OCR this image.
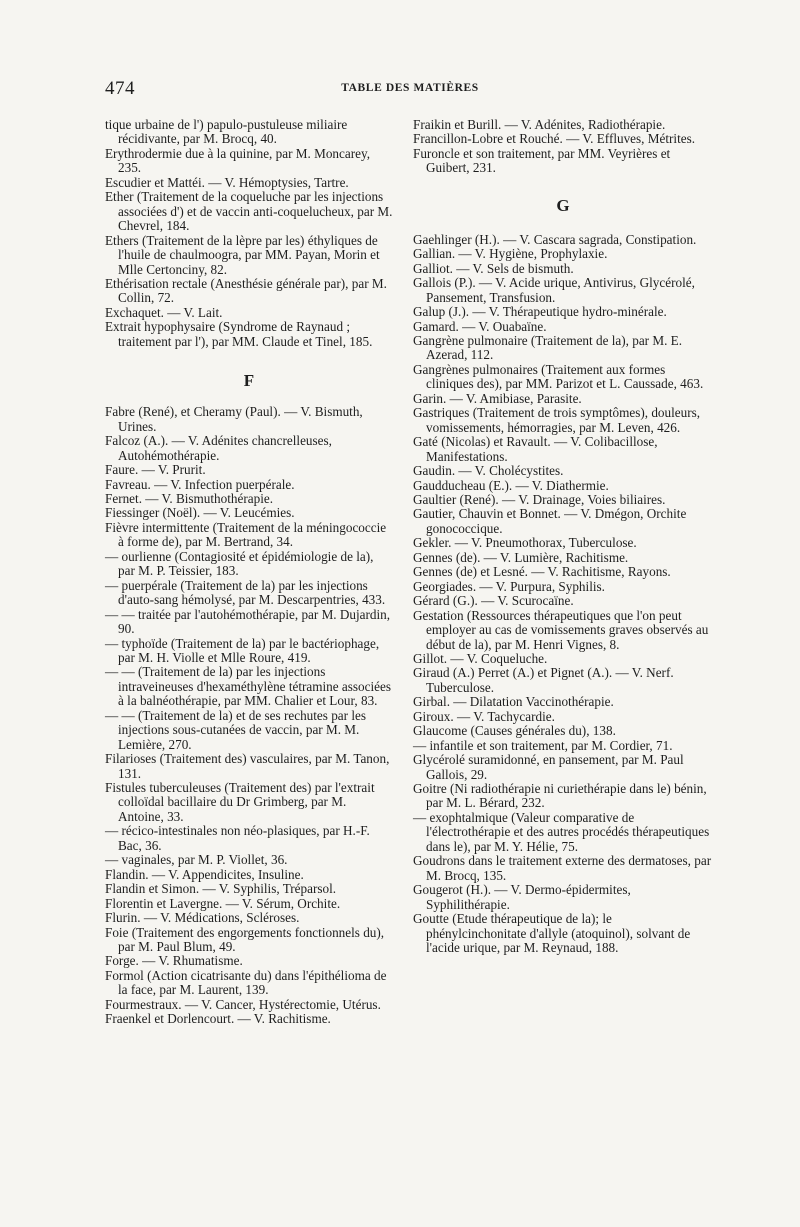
474	TABLE DES MATIÈRES

tique urbaine de l') papulo-pustuleuse miliaire récidivante, par M. Brocq, 40.

Erythrodermie due à la quinine, par M. Moncarey, 235.

Escudier et Mattéi. — V. Hémoptysies, Tartre.

Ether (Traitement de la coqueluche par les injections associées d') et de vaccin anti-coquelucheux, par M. Chevrel, 184.

Ethers (Traitement de la lèpre par les) éthyliques de l'huile de chaulmoogra, par MM. Payan, Morin et Mlle Certonciny, 82.

Ethérisation rectale (Anesthésie générale par), par M. Collin, 72.

Exchaquet. — V. Lait.

Extrait hypophysaire (Syndrome de Raynaud ; traitement par l'), par MM. Claude et Tinel, 185.

F

Fabre (René), et Cheramy (Paul). — V. Bismuth, Urines.

Falcoz (A.). — V. Adénites chancrelleuses, Autohémothérapie.

Faure. — V. Prurit.

Favreau. — V. Infection puerpérale.

Fernet. — V. Bismuthothérapie.

Fiessinger (Noël). — V. Leucémies.

Fièvre intermittente (Traitement de la méningococcie à forme de), par M. Bertrand, 34.

— ourlienne (Contagiosité et épidémiologie de la), par M. P. Teissier, 183.

— puerpérale (Traitement de la) par les injections d'auto-sang hémolysé, par M. Descarpentries, 433.

— — traitée par l'autohémothérapie, par M. Dujardin, 90.

— typhoïde (Traitement de la) par le bactériophage, par M. H. Violle et Mlle Roure, 419.

— — (Traitement de la) par les injections intraveineuses d'hexaméthylène tétramine associées à la balnéothérapie, par MM. Chalier et Lour, 83.

— — (Traitement de la) et de ses rechutes par les injections sous-cutanées de vaccin, par M. M. Lemière, 270.

Filarioses (Traitement des) vasculaires, par M. Tanon, 131.

Fistules tuberculeuses (Traitement des) par l'extrait colloïdal bacillaire du Dr Grimberg, par M. Antoine, 33.

— récico-intestinales non néo-plasiques, par H.-F. Bac, 36.

— vaginales, par M. P. Viollet, 36.

Flandin. — V. Appendicites, Insuline.

Flandin et Simon. — V. Syphilis, Tréparsol.

Florentin et Lavergne. — V. Sérum, Orchite.

Flurin. — V. Médications, Scléroses.

Foie (Traitement des engorgements fonctionnels du), par M. Paul Blum, 49.

Forge. — V. Rhumatisme.

Formol (Action cicatrisante du) dans l'épithélioma de la face, par M. Laurent, 139.

Fourmestraux. — V. Cancer, Hystérectomie, Utérus.

Fraenkel et Dorlencourt. — V. Rachitisme.

Fraikin et Burill. — V. Adénites, Radiothérapie.

Francillon-Lobre et Rouché. — V. Effluves, Métrites.

Furoncle et son traitement, par MM. Veyrières et Guibert, 231.

G

Gaehlinger (H.). — V. Cascara sagrada, Constipation.

Gallian. — V. Hygiène, Prophylaxie.

Galliot. — V. Sels de bismuth.

Gallois (P.). — V. Acide urique, Antivirus, Glycérolé, Pansement, Transfusion.

Galup (J.). — V. Thérapeutique hydro-minérale.

Gamard. — V. Ouabaïne.

Gangrène pulmonaire (Traitement de la), par M. E. Azerad, 112.

Gangrènes pulmonaires (Traitement aux formes cliniques des), par MM. Parizot et L. Caussade, 463.

Garin. — V. Amibiase, Parasite.

Gastriques (Traitement de trois symptômes), douleurs, vomissements, hémorragies, par M. Leven, 426.

Gaté (Nicolas) et Ravault. — V. Colibacillose, Manifestations.

Gaudin. — V. Cholécystites.

Gaudducheau (E.). — V. Diathermie.

Gaultier (René). — V. Drainage, Voies biliaires.

Gautier, Chauvin et Bonnet. — V. Dmégon, Orchite gonococcique.

Gekler. — V. Pneumothorax, Tuberculose.

Gennes (de). — V. Lumière, Rachitisme.

Gennes (de) et Lesné. — V. Rachitisme, Rayons.

Georgiades. — V. Purpura, Syphilis.

Gérard (G.). — V. Scurocaïne.

Gestation (Ressources thérapeutiques que l'on peut employer au cas de vomissements graves observés au début de la), par M. Henri Vignes, 8.

Gillot. — V. Coqueluche.

Giraud (A.) Perret (A.) et Pignet (A.). — V. Nerf. Tuberculose.

Girbal. — Dilatation Vaccinothérapie.

Giroux. — V. Tachycardie.

Glaucome (Causes générales du), 138.

— infantile et son traitement, par M. Cordier, 71.

Glycérolé suramidonné, en pansement, par M. Paul Gallois, 29.

Goitre (Ni radiothérapie ni curiethérapie dans le) bénin, par M. L. Bérard, 232.

— exophtalmique (Valeur comparative de l'électrothérapie et des autres procédés thérapeutiques dans le), par M. Y. Hélie, 75.

Goudrons dans le traitement externe des dermatoses, par M. Brocq, 135.

Gougerot (H.). — V. Dermo-épidermites, Syphilithérapie.

Goutte (Etude thérapeutique de la); le phénylcinchonitate d'allyle (atoquinol), solvant de l'acide urique, par M. Reynaud, 188.
